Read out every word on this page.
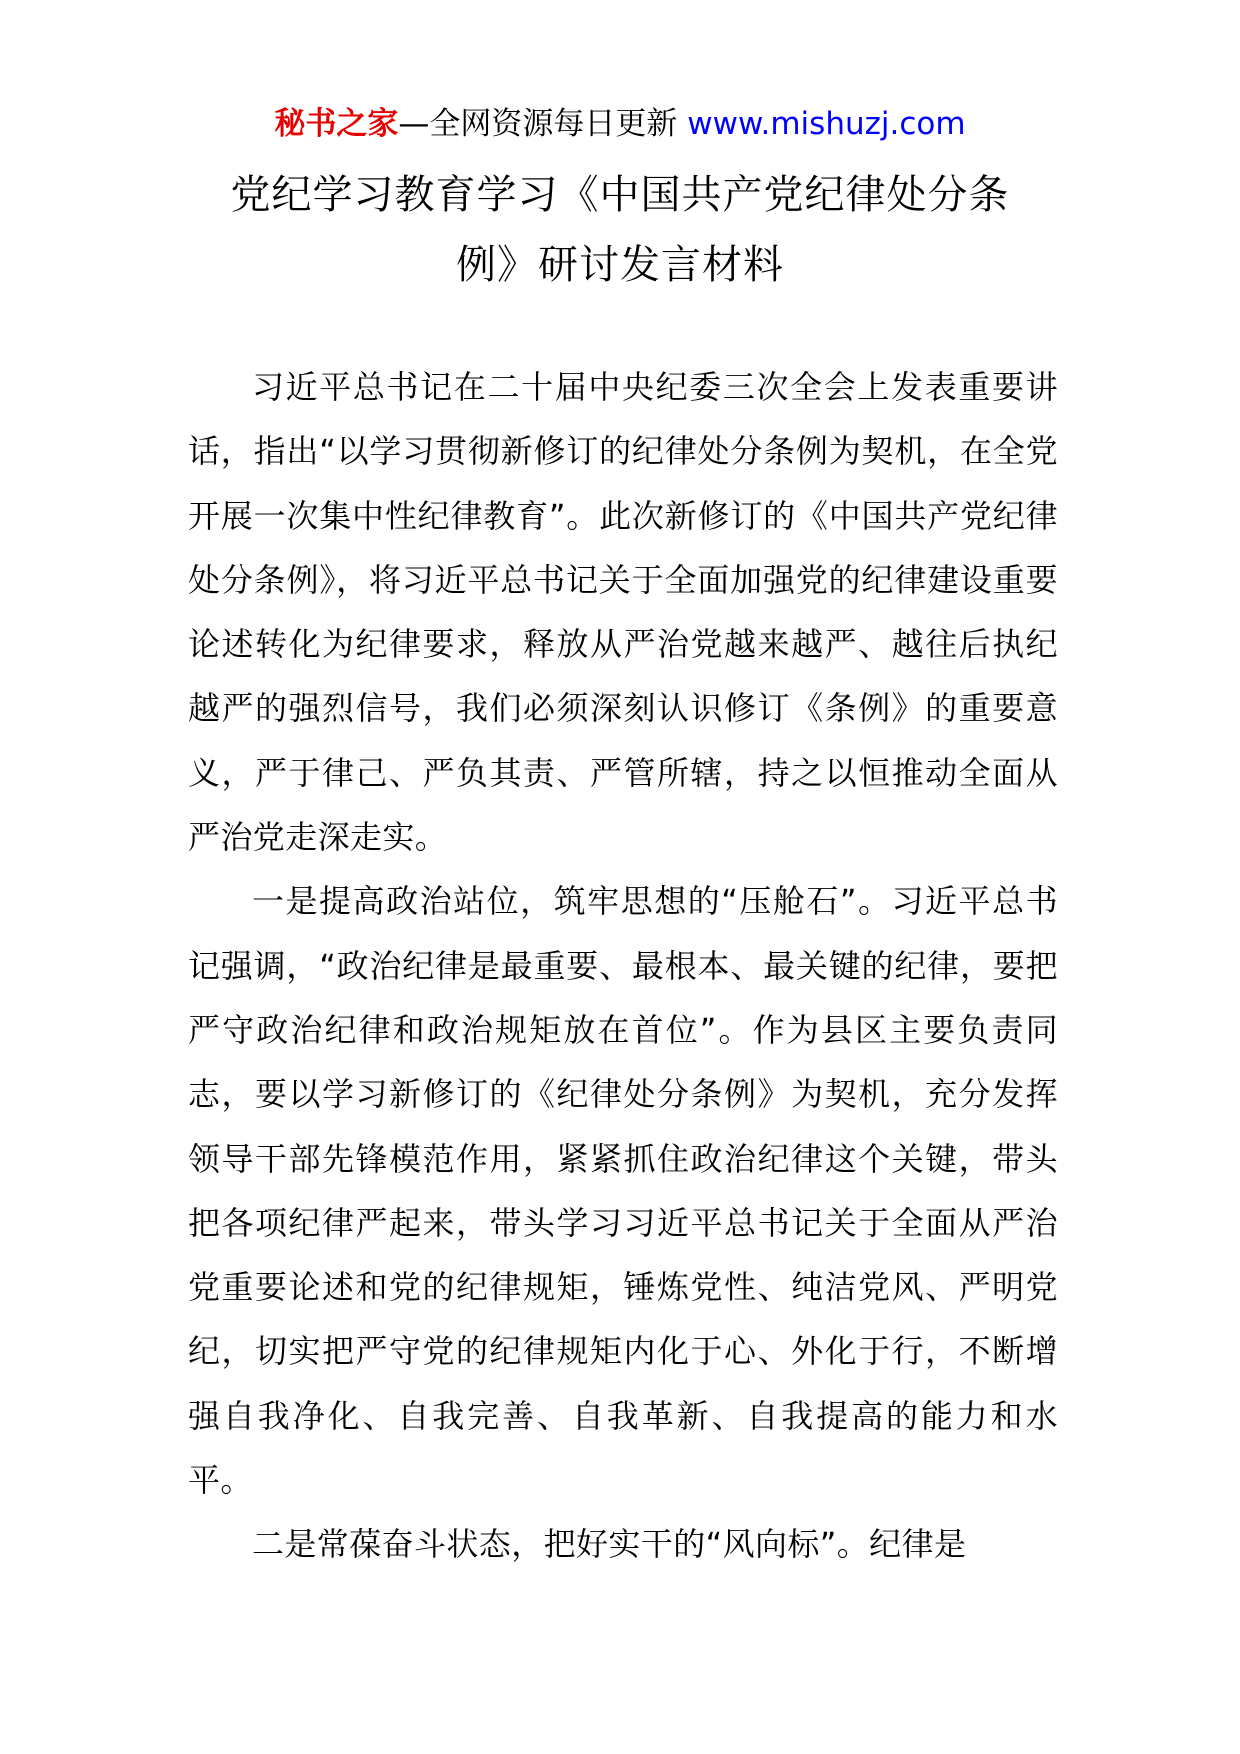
秘书之家—全网资源每日更新 www.mishuzj.com
党纪学习教育学习《中国共产党纪律处分条
例》研讨发言材料

习近平总书记在二十届中央纪委三次全会上发表重要讲话，指出“以学习贯彻新修订的纪律处分条例为契机，在全党开展一次集中性纪律教育”。此次新修订的《中国共产党纪律处分条例》，将习近平总书记关于全面加强党的纪律建设重要论述转化为纪律要求，释放从严治党越来越严、越往后执纪越严的强烈信号，我们必须深刻认识修订《条例》的重要意义，严于律己、严负其责、严管所辖，持之以恒推动全面从严治党走深走实。

一是提高政治站位，筑牢思想的“压舱石”。习近平总书记强调，“政治纪律是最重要、最根本、最关键的纪律，要把严守政治纪律和政治规矩放在首位”。作为县区主要负责同志，要以学习新修订的《纪律处分条例》为契机，充分发挥领导干部先锋模范作用，紧紧抓住政治纪律这个关键，带头把各项纪律严起来，带头学习习近平总书记关于全面从严治党重要论述和党的纪律规矩，锤炼党性、纯洁党风、严明党纪，切实把严守党的纪律规矩内化于心、外化于行，不断增强自我净化、自我完善、自我革新、自我提高的能力和水平。

二是常葆奋斗状态，把好实干的“风向标”。纪律是
